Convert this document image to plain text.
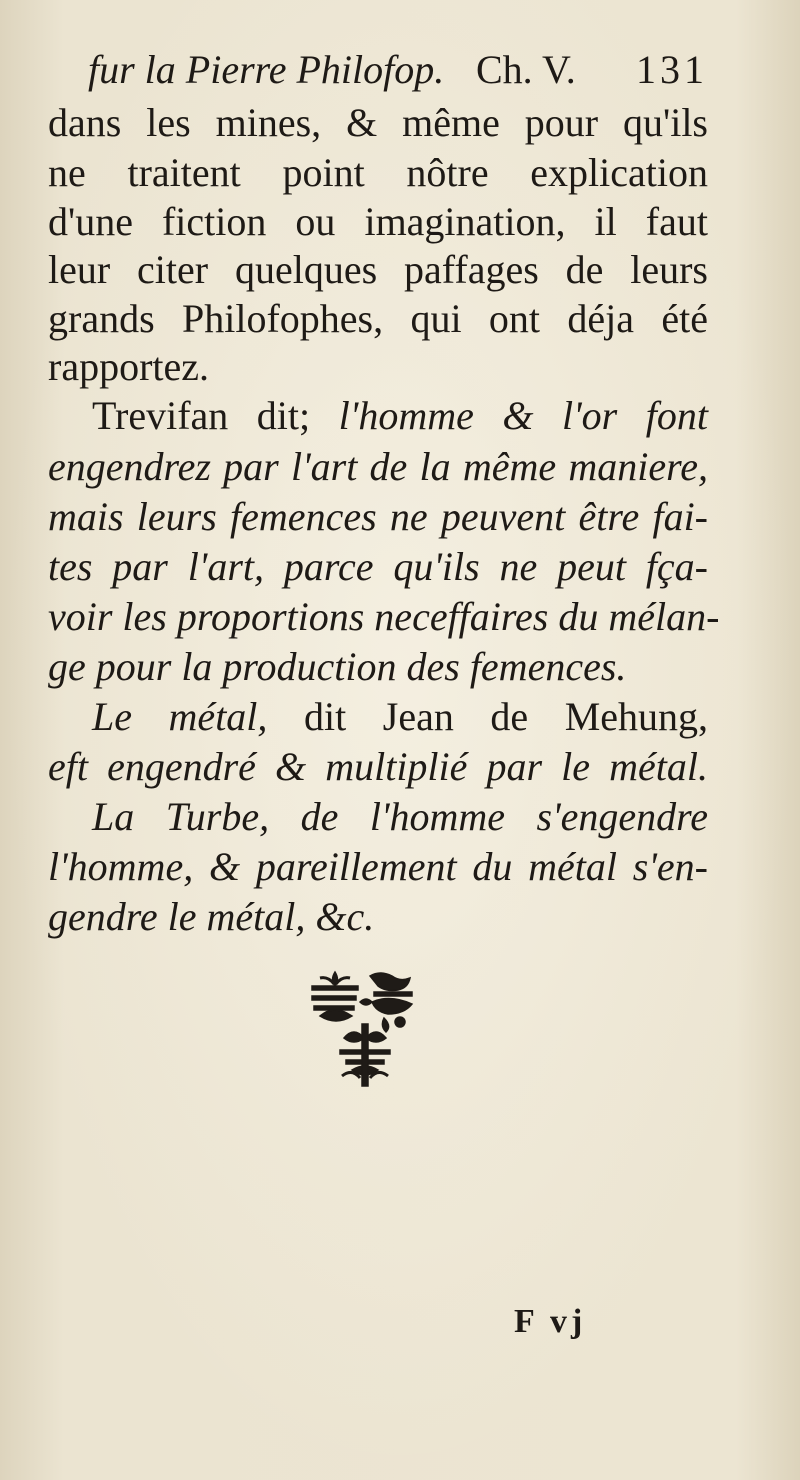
fur la Pierre Philofop. Ch. V. 131
dans les mines, & même pour qu'ils
ne traitent point nôtre explication
d'une fiction ou imagination, il faut
leur citer quelques paffages de leurs
grands Philofophes, qui ont déja été
rapportez.
Trevifan dit; l'homme & l'or font
engendrez par l'art de la même maniere,
mais leurs femences ne peuvent être fai-
tes par l'art, parce qu'ils ne peut fça-
voir les proportions neceffaires du mélan-
ge pour la production des femences.
Le métal, dit Jean de Mehung,
eft engendré & multiplié par le métal.
La Turbe, de l'homme s'engendre
l'homme, & pareillement du métal s'en-
gendre le métal, &c.
F vj
